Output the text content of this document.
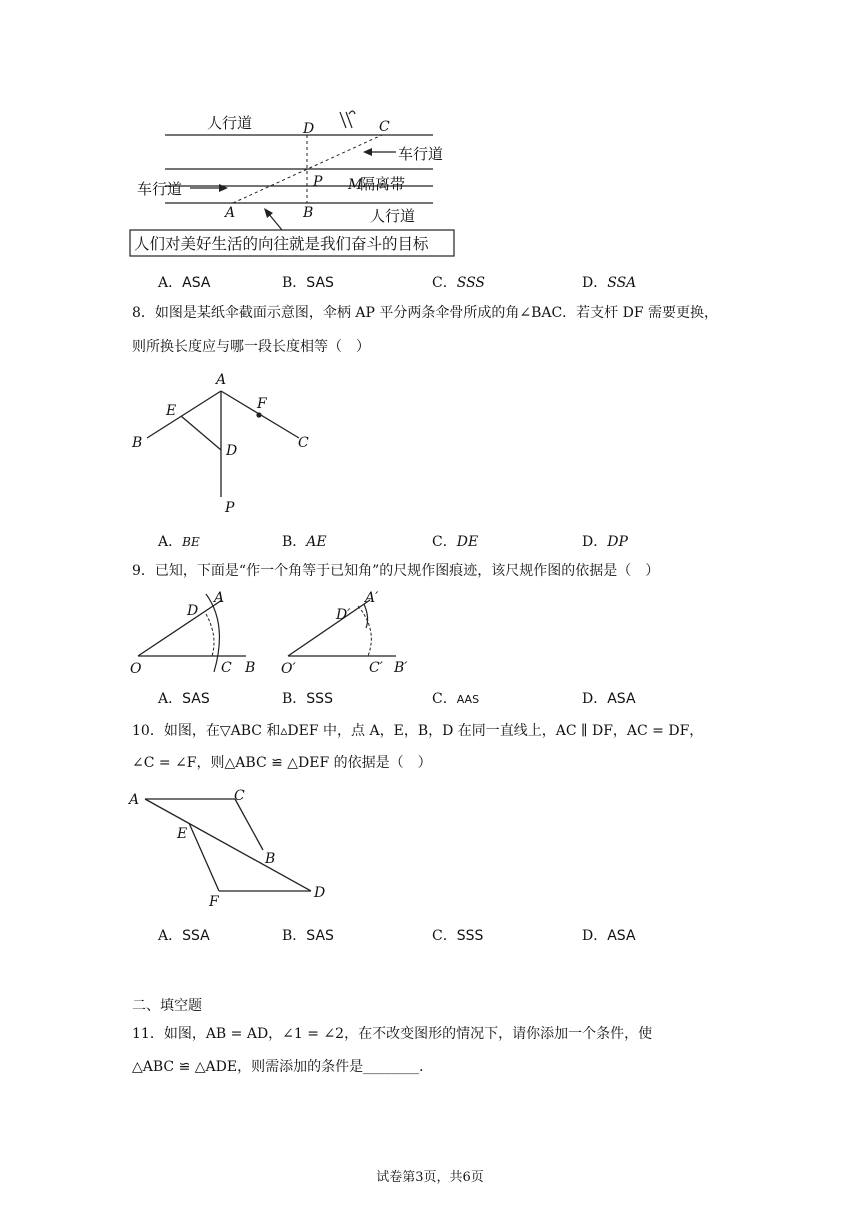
人行道
车行道
车行道	隔离带
人行道
D	C
P M
A	B
人们对美好生活的向往就是我们奋斗的目标
A．ASA	B．SAS	C．SSS	D．SSA
8．如图是某纸伞截面示意图，伞柄 AP 平分两条伞骨所成的角∠BAC．若支杆 DF 需要更换，
则所换长度应与哪一段长度相等（　）
A
E	F
B	D	C
P
A．BE	B．AE	C．DE	D．DP
9．已知，下面是“作一个角等于已知角”的尺规作图痕迹，该尺规作图的依据是（　）
D
A
O	C B
D′
A′
O′	C′ B′
A．SAS	B．SSS	C．AAS	D．ASA
10．如图，在▽ABC 和▵DEF 中，点 A，E，B，D 在同一直线上，AC ∥ DF，AC = DF，
∠C = ∠F，则△ABC ≌ △DEF 的依据是（　）
A	C
E
B
F
D
A．SSA	B．SAS	C．SSS	D．ASA
二、填空题
11．如图，AB = AD，∠1 = ∠2，在不改变图形的情况下，请你添加一个条件，使
△ABC ≌ △ADE，则需添加的条件是________．
试卷第3页，共6页
